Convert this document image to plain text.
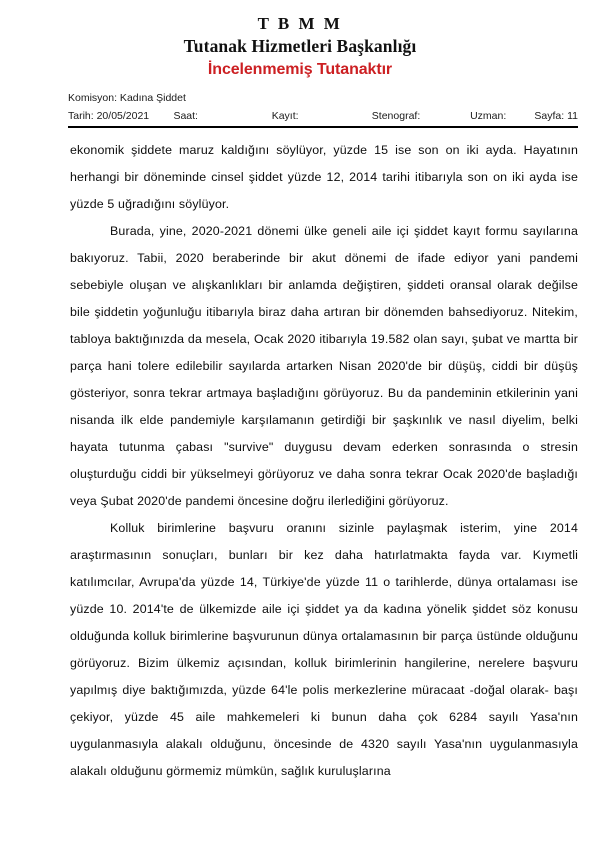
T B M M
Tutanak Hizmetleri Başkanlığı
İncelenmemiş Tutanaktır
Komisyon: Kadına Şiddet
Tarih: 20/05/2021	Saat:	Kayıt:	Stenograf:	Uzman:	Sayfa: 11

ekonomik şiddete maruz kaldığını söylüyor, yüzde 15 ise son on iki ayda. Hayatının herhangi bir döneminde cinsel şiddet yüzde 12, 2014 tarihi itibarıyla son on iki ayda ise yüzde 5 uğradığını söylüyor.

Burada, yine, 2020-2021 dönemi ülke geneli aile içi şiddet kayıt formu sayılarına bakıyoruz. Tabii, 2020 beraberinde bir akut dönemi de ifade ediyor yani pandemi sebebiyle oluşan ve alışkanlıkları bir anlamda değiştiren, şiddeti oransal olarak değilse bile şiddetin yoğunluğu itibarıyla biraz daha artıran bir dönemden bahsediyoruz. Nitekim, tabloya baktığınızda da mesela, Ocak 2020 itibarıyla 19.582 olan sayı, şubat ve martta bir parça hani tolere edilebilir sayılarda artarken Nisan 2020'de bir düşüş, ciddi bir düşüş gösteriyor, sonra tekrar artmaya başladığını görüyoruz. Bu da pandeminin etkilerinin yani nisanda ilk elde pandemiyle karşılamanın getirdiği bir şaşkınlık ve nasıl diyelim, belki hayata tutunma çabası "survive" duygusu devam ederken sonrasında o stresin oluşturduğu ciddi bir yükselmeyi görüyoruz ve daha sonra tekrar Ocak 2020'de başladığı veya Şubat 2020'de pandemi öncesine doğru ilerlediğini görüyoruz.

Kolluk birimlerine başvuru oranını sizinle paylaşmak isterim, yine 2014 araştırmasının sonuçları, bunları bir kez daha hatırlatmakta fayda var. Kıymetli katılımcılar, Avrupa'da yüzde 14, Türkiye'de yüzde 11 o tarihlerde, dünya ortalaması ise yüzde 10. 2014'te de ülkemizde aile içi şiddet ya da kadına yönelik şiddet söz konusu olduğunda kolluk birimlerine başvurunun dünya ortalamasının bir parça üstünde olduğunu görüyoruz. Bizim ülkemiz açısından, kolluk birimlerinin hangilerine, nerelere başvuru yapılmış diye baktığımızda, yüzde 64'le polis merkezlerine müracaat -doğal olarak- başı çekiyor, yüzde 45 aile mahkemeleri ki bunun daha çok 6284 sayılı Yasa'nın uygulanmasıyla alakalı olduğunu, öncesinde de 4320 sayılı Yasa'nın uygulanmasıyla alakalı olduğunu görmemiz mümkün, sağlık kuruluşlarına
